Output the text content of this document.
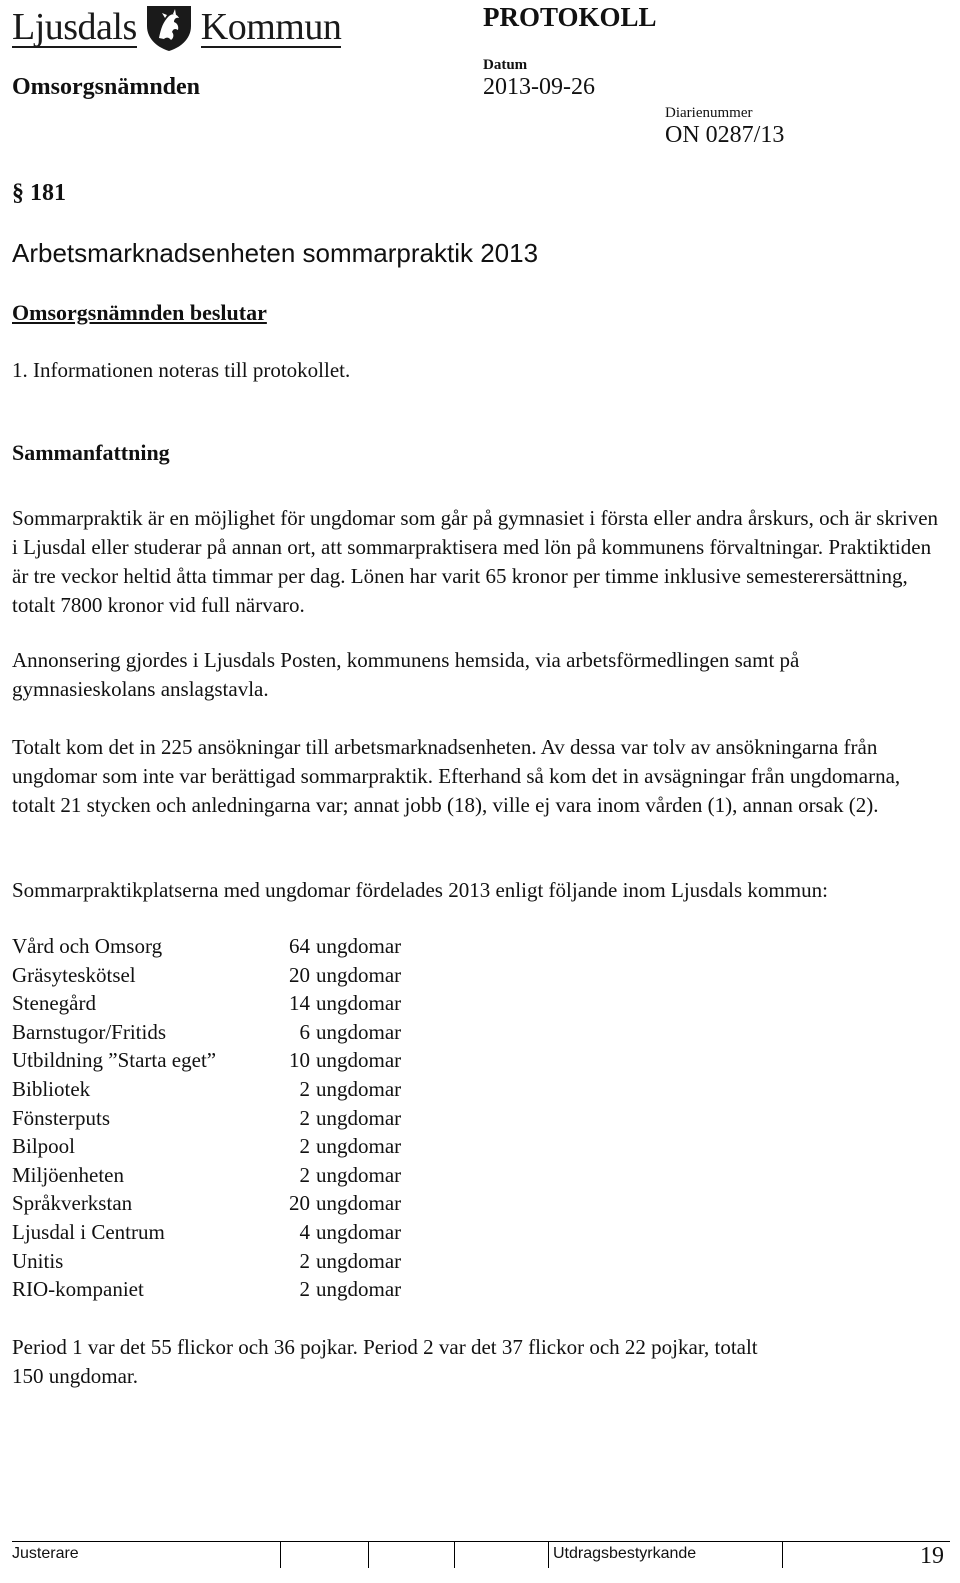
Ljusdals Kommun	PROTOKOLL
Omsorgsnämnden
Datum
2013-09-26
Diarienummer
ON 0287/13
§ 181
Arbetsmarknadsenheten sommarpraktik 2013
Omsorgsnämnden beslutar
1. Informationen noteras till protokollet.
Sammanfattning
Sommarpraktik är en möjlighet för ungdomar som går på gymnasiet i första eller andra årskurs, och är skriven i Ljusdal eller studerar på annan ort, att sommarpraktisera med lön på kommunens förvaltningar. Praktiktiden är tre veckor heltid åtta timmar per dag. Lönen har varit 65 kronor per timme inklusive semesterersättning, totalt 7800 kronor vid full närvaro.
Annonsering gjordes i Ljusdals Posten, kommunens hemsida, via arbetsförmedlingen samt på gymnasieskolans anslagstavla.
Totalt kom det in 225 ansökningar till arbetsmarknadsenheten. Av dessa var tolv av ansökningarna från ungdomar som inte var berättigad sommarpraktik. Efterhand så kom det in avsägningar från ungdomarna, totalt 21 stycken och anledningarna var; annat jobb (18), ville ej vara inom vården (1), annan orsak (2).
Sommarpraktikplatserna med ungdomar fördelades 2013 enligt följande inom Ljusdals kommun:
Vård och Omsorg	64 ungdomar
Gräsyteskötsel	20 ungdomar
Stenegård	14 ungdomar
Barnstugor/Fritids	6 ungdomar
Utbildning ”Starta eget”	10 ungdomar
Bibliotek	2 ungdomar
Fönsterputs	2 ungdomar
Bilpool	2 ungdomar
Miljöenheten	2 ungdomar
Språkverkstan	20 ungdomar
Ljusdal i Centrum	4 ungdomar
Unitis	2 ungdomar
RIO-kompaniet	2 ungdomar
Period 1 var det 55 flickor och 36 pojkar. Period 2 var det 37 flickor och 22 pojkar, totalt 150 ungdomar.
Justerare	Utdragsbestyrkande	19
